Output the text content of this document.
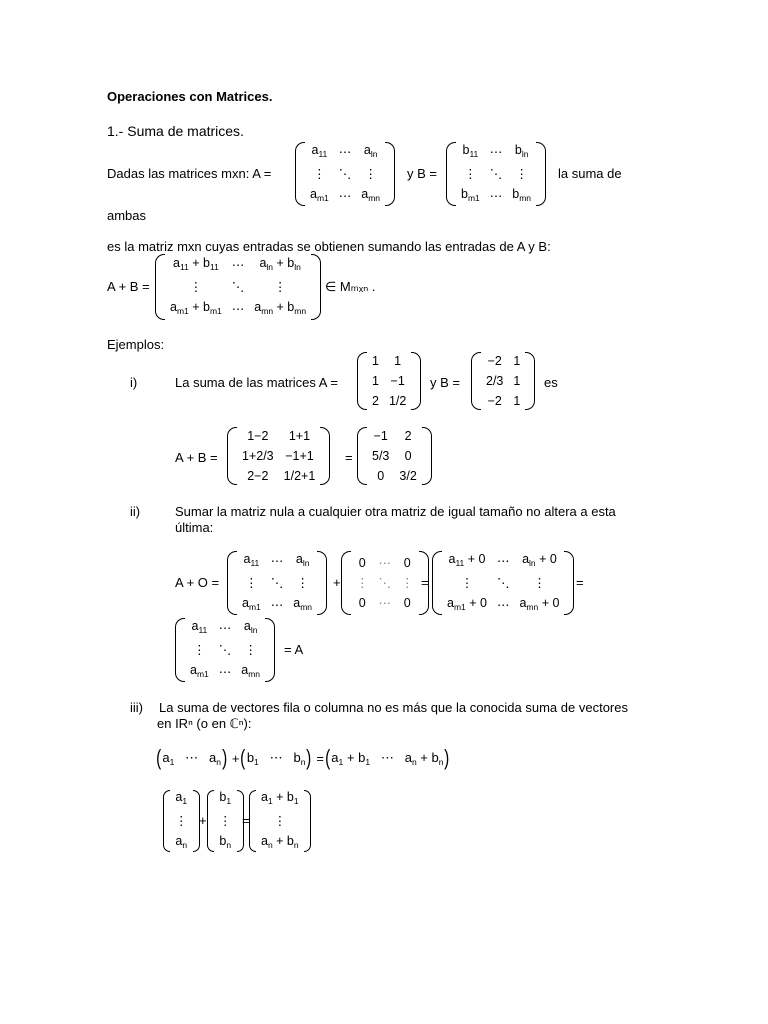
Operaciones con Matrices.
1.- Suma de matrices.
Dadas las matrices mxn: A =
$a_{11}$	⋯	$a_{ln}$
⋮	⋱	⋮
$a_{m1}$	⋯	$a_{mn}$
y B =
$b_{11}$	⋯	$b_{ln}$
⋮	⋱	⋮
$b_{m1}$	⋯	$b_{mn}$
la suma de
ambas
es la matriz mxn cuyas entradas se obtienen sumando las entradas de A y B:
A + B =
$a_{11} + b_{11}$	⋯	$a_{ln} + b_{ln}$
⋮	⋱	⋮
$a_{m1} + b_{m1}$	⋯	$a_{mn} + b_{mn}$
∈ Mₘₓₙ .
Ejemplos:
i)	La suma de las matrices A =
1	1
1	−1
2	1/2
y B =
−2	1
2/3	1
−2	1
es
A + B =
1−2	1+1
1+2/3	−1+1
2−2	1/2+1
=
−1	2
5/3	0
0	3/2
ii)	Sumar la matriz nula a cualquier otra matriz de igual tamaño no altera a esta
última:
A + O =
$a_{11}$	⋯	$a_{ln}$
⋮	⋱	⋮
$a_{m1}$	⋯	$a_{mn}$
+
0	⋯	0
⋮	⋱	⋮
0	⋯	0
=
$a_{11} + 0$	⋯	$a_{ln} + 0$
⋮	⋱	⋮
$a_{m1} + 0$	⋯	$a_{mn} + 0$
=
$a_{11}$	⋯	$a_{ln}$
⋮	⋱	⋮
$a_{m1}$	⋯	$a_{mn}$
= A
iii) La suma de vectores fila o columna no es más que la conocida suma de vectores
en IRⁿ (o en ℂⁿ):
( $a_1$   ⋯   $a_n$ ) + ( $b_1$   ⋯   $b_n$ ) = ( $a_1 + b_1$   ⋯   $a_n + b_n$ )
$a_1$
⋮
$a_n$
+
$b_1$
⋮
$b_n$
=
$a_1 + b_1$
⋮
$a_n + b_n$
